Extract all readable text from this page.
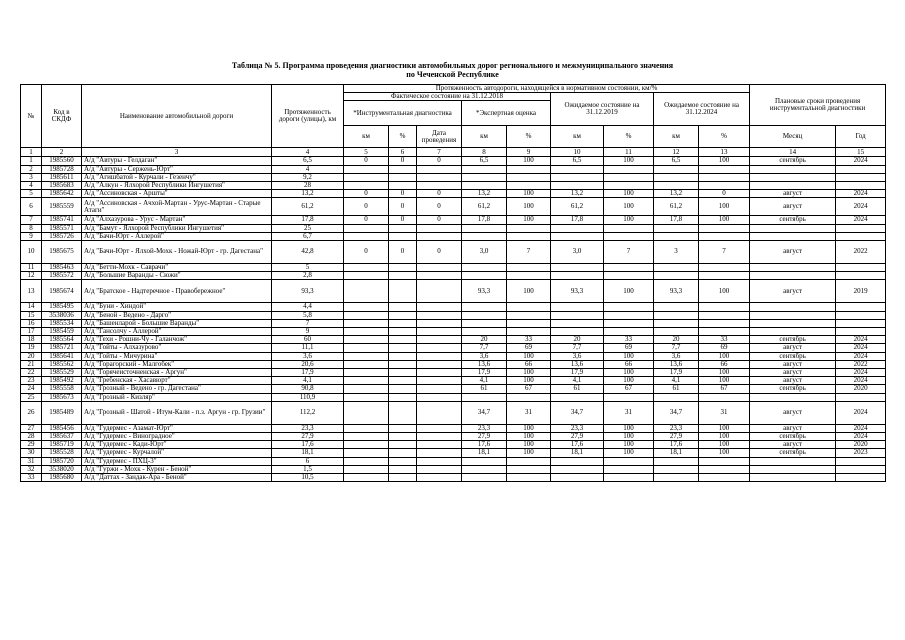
Таблица № 5. Программа проведения диагностики автомобильных дорог регионального и межмуниципального значения
по Чеченской Республике
№	Код в СКДФ	Наименование автомобильной дороги	Протяженность дороги (улицы), км	Протяженность автодороги, находящейся в нормативном состоянии, км/%									Плановые сроки проведения инструментальной диагностики	
				Фактическое состояние на 31.12.2018					Ожидаемое состояние на 31.12.2019		Ожидаемое состояние на 31.12.2024			
				*Инструментальная диагностика			*Экспертная оценка							
				км	%	Дата проведения	км	%	км	%	км	%	Месяц	Год
1	2	3	4	5	6	7	8	9	10	11	12	13	14	15
1	1985560	А/д "Автуры - Гелдаган"	6,5	0	0	0	6,5	100	6,5	100	6,5	100	сентябрь	2024
2	1985728	А/д "Автуры - Сержень-Юрт"	4											
3	1985611	А/д "Агишбатой - Курчали - Гезенчу"	9,2											
4	1985683	А/д "Алкун - Ялхорой Республики Ингушетия"	28											
5	1985642	А/д "Ассиновская - Аршты"	13,2	0	0	0	13,2	100	13,2	100	13,2	0	август	2024
6	1985559	А/д "Ассиновская - Ачхой-Мартан - Урус-Мартан - Старые Атаги"	61,2	0	0	0	61,2	100	61,2	100	61,2	100	август	2024
7	1985741	А/д "Алхазурова - Урус - Мартан"	17,8	0	0	0	17,8	100	17,8	100	17,8	100	сентябрь	2024
8	1985571	А/д "Бамут - Ялхорой Республики Ингушетия"	25											
9	1985726	А/д "Бачи-Юрт - Аллерой"	6,7											
10	1985675	А/д "Бачи-Юрт - Ялхой-Мохк - Ножай-Юрт - гр. Дагестана"	42,8	0	0	0	3,0	7	3,0	7	3	7	август	2022
11	1985463	А/д "Бетти-Мохк - Саврачи"	5											
12	1985572	А/д "Большие Варанды - Сюжи"	2,8											
13	1985674	А/д "Братское - Надтеречное - Правобережное"	93,3				93,3	100	93,3	100	93,3	100	август	2019
14	1985495	А/д "Буни - Хиндой"	4,4											
15	3538036	А/д "Беной - Ведено - Дарго"	5,8											
16	1985534	А/д "Башенларой - Большие Варанды"	7											
17	1985459	А/д "Гансолчу - Аллерой"	9											
18	1985564	А/д "Гехи - Рошни-Чу - Галанчож"	60				20	33	20	33	20	33	сентябрь	2024
19	1985721	А/д "Гойты - Алхазурово"	11,1				7,7	69	7,7	69	7,7	69	август	2024
20	1985641	А/д "Гойты - Мичурина"	3,6				3,6	100	3,6	100	3,6	100	сентябрь	2024
21	1985562	А/д "Горагорский - Малгобек"	20,6				13,6	66	13,6	66	13,6	66	август	2022
22	1985529	А/д "Горячеисточненская - Аргун"	17,9				17,9	100	17,9	100	17,9	100	август	2024
23	1985492	А/д "Гребенская - Хасавюрт"	4,1				4,1	100	4,1	100	4,1	100	август	2024
24	1985558	А/д "Грозный - Ведено - гр. Дагестана"	90,8				61	67	61	67	61	67	сентябрь	2020
25	1985673	А/д "Грозный - Кизляр"	110,9											
26	1985489	А/д "Грозный - Шатой - Итум-Кали - п.з. Аргун - гр. Грузии"	112,2				34,7	31	34,7	31	34,7	31	август	2024
27	1985456	А/д "Гудермес - Азамат-Юрт"	23,3				23,3	100	23,3	100	23,3	100	август	2024
28	1985637	А/д "Гудермес - Виноградное"	27,9				27,9	100	27,9	100	27,9	100	сентябрь	2024
29	1985719	А/д "Гудермес - Кади-Юрт"	17,6				17,6	100	17,6	100	17,6	100	август	2020
30	1985528	А/д "Гудермес - Курчалой"	18,1				18,1	100	18,1	100	18,1	100	сентябрь	2023
31	1985720	А/д "Гудермес - ПХЦ-3"	6											
32	3538020	А/д "Гуржи - Мохк - Курен - Беной"	1,5											
33	1985680	А/д "Даттах - Зандак-Ара - Беной"	10,5											
